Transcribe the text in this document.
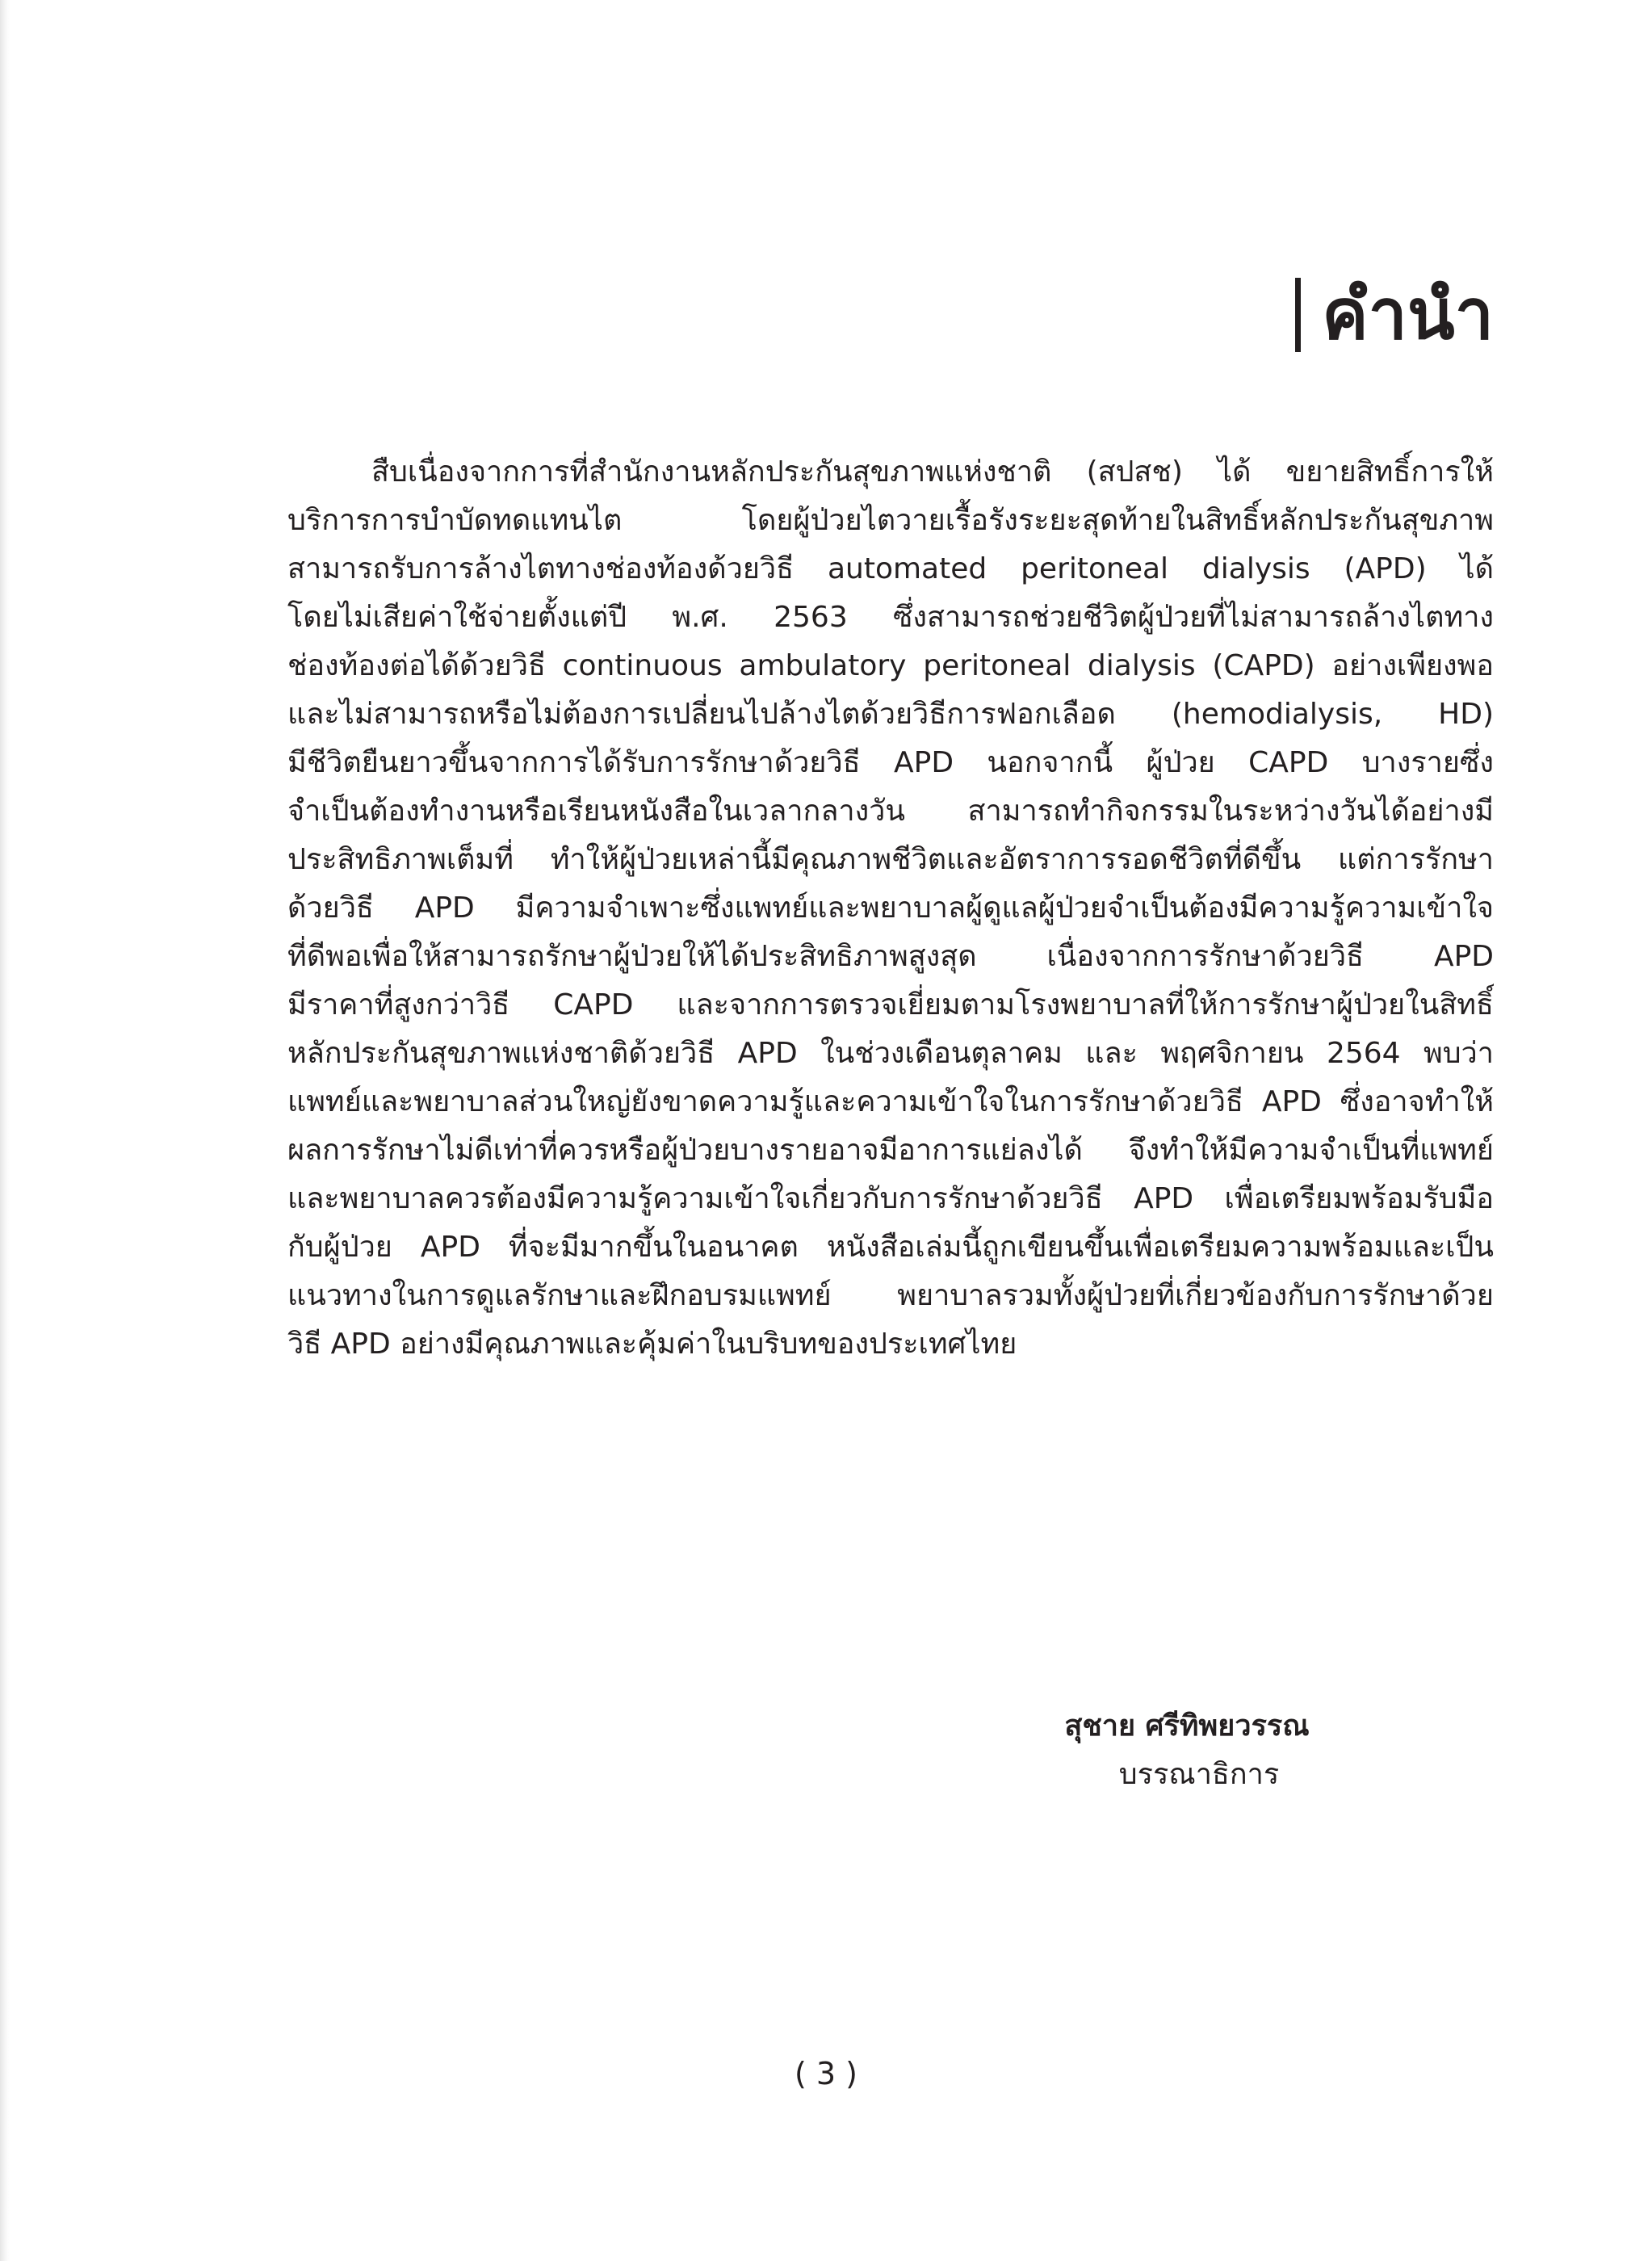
คำนำ
สืบเนื่องจากการที่สำนักงานหลักประกันสุขภาพแห่งชาติ (สปสช) ได้ ขยายสิทธิ์การให้
บริการการบำบัดทดแทนไต โดยผู้ป่วยไตวายเรื้อรังระยะสุดท้ายในสิทธิ์หลักประกันสุขภาพ
สามารถรับการล้างไตทางช่องท้องด้วยวิธี automated peritoneal dialysis (APD) ได้
โดยไม่เสียค่าใช้จ่ายตั้งแต่ปี พ.ศ. 2563 ซึ่งสามารถช่วยชีวิตผู้ป่วยที่ไม่สามารถล้างไตทาง
ช่องท้องต่อได้ด้วยวิธี continuous ambulatory peritoneal dialysis (CAPD) อย่างเพียงพอ
และไม่สามารถหรือไม่ต้องการเปลี่ยนไปล้างไตด้วยวิธีการฟอกเลือด (hemodialysis, HD)
มีชีวิตยืนยาวขึ้นจากการได้รับการรักษาด้วยวิธี APD นอกจากนี้ ผู้ป่วย CAPD บางรายซึ่ง
จำเป็นต้องทำงานหรือเรียนหนังสือในเวลากลางวัน สามารถทำกิจกรรมในระหว่างวันได้อย่างมี
ประสิทธิภาพเต็มที่ ทำให้ผู้ป่วยเหล่านี้มีคุณภาพชีวิตและอัตราการรอดชีวิตที่ดีขึ้น แต่การรักษา
ด้วยวิธี APD มีความจำเพาะซึ่งแพทย์และพยาบาลผู้ดูแลผู้ป่วยจำเป็นต้องมีความรู้ความเข้าใจ
ที่ดีพอเพื่อให้สามารถรักษาผู้ป่วยให้ได้ประสิทธิภาพสูงสุด เนื่องจากการรักษาด้วยวิธี APD
มีราคาที่สูงกว่าวิธี CAPD และจากการตรวจเยี่ยมตามโรงพยาบาลที่ให้การรักษาผู้ป่วยในสิทธิ์
หลักประกันสุขภาพแห่งชาติด้วยวิธี APD ในช่วงเดือนตุลาคม และ พฤศจิกายน 2564 พบว่า
แพทย์และพยาบาลส่วนใหญ่ยังขาดความรู้และความเข้าใจในการรักษาด้วยวิธี APD ซึ่งอาจทำให้
ผลการรักษาไม่ดีเท่าที่ควรหรือผู้ป่วยบางรายอาจมีอาการแย่ลงได้ จึงทำให้มีความจำเป็นที่แพทย์
และพยาบาลควรต้องมีความรู้ความเข้าใจเกี่ยวกับการรักษาด้วยวิธี APD เพื่อเตรียมพร้อมรับมือ
กับผู้ป่วย APD ที่จะมีมากขึ้นในอนาคต หนังสือเล่มนี้ถูกเขียนขึ้นเพื่อเตรียมความพร้อมและเป็น
แนวทางในการดูแลรักษาและฝึกอบรมแพทย์ พยาบาลรวมทั้งผู้ป่วยที่เกี่ยวข้องกับการรักษาด้วย
วิธี APD อย่างมีคุณภาพและคุ้มค่าในบริบทของประเทศไทย
สุชาย ศรีทิพยวรรณ
บรรณาธิการ
( 3 )
